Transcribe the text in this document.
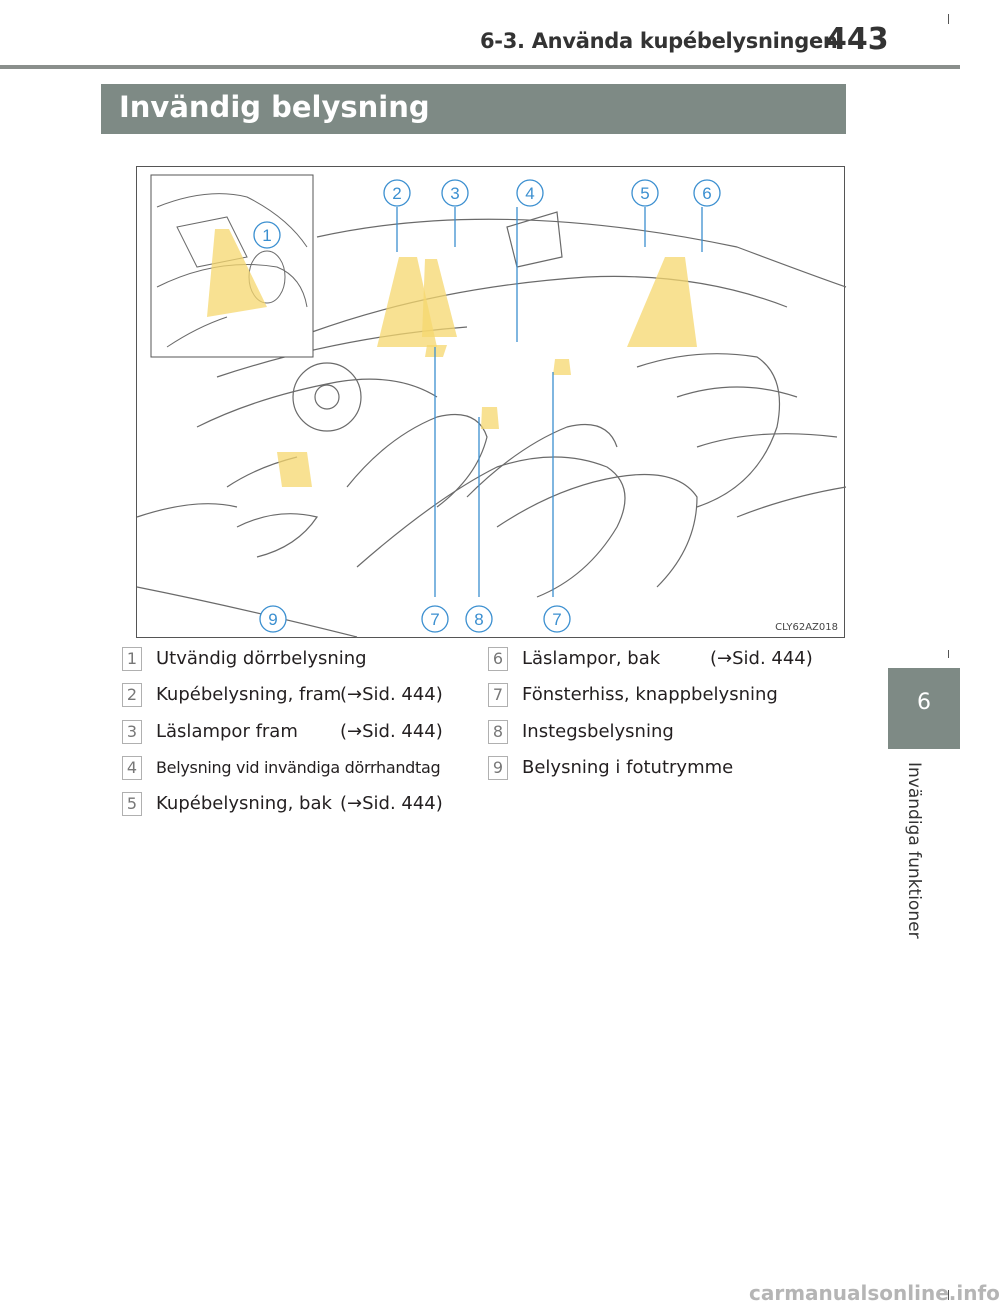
6-3. Använda kupébelysningen
443
Invändig belysning
6
Invändiga funktioner
1
2	3	4	5	6
7 8
9	7	CLY62AZ018
1 Utvändig dörrbelysning
2 Kupébelysning, fram
(→Sid. 444)
3 Läslampor fram (→Sid. 444)
4	Belysning vid invändiga dörrhandtag
5 Kupébelysning, bak (→Sid. 444)
6 Läslampor, bak	(→Sid. 444)
7 Fönsterhiss, knappbelysning
8 Instegsbelysning
9 Belysning i fotutrymme
carmanualsonline.info
